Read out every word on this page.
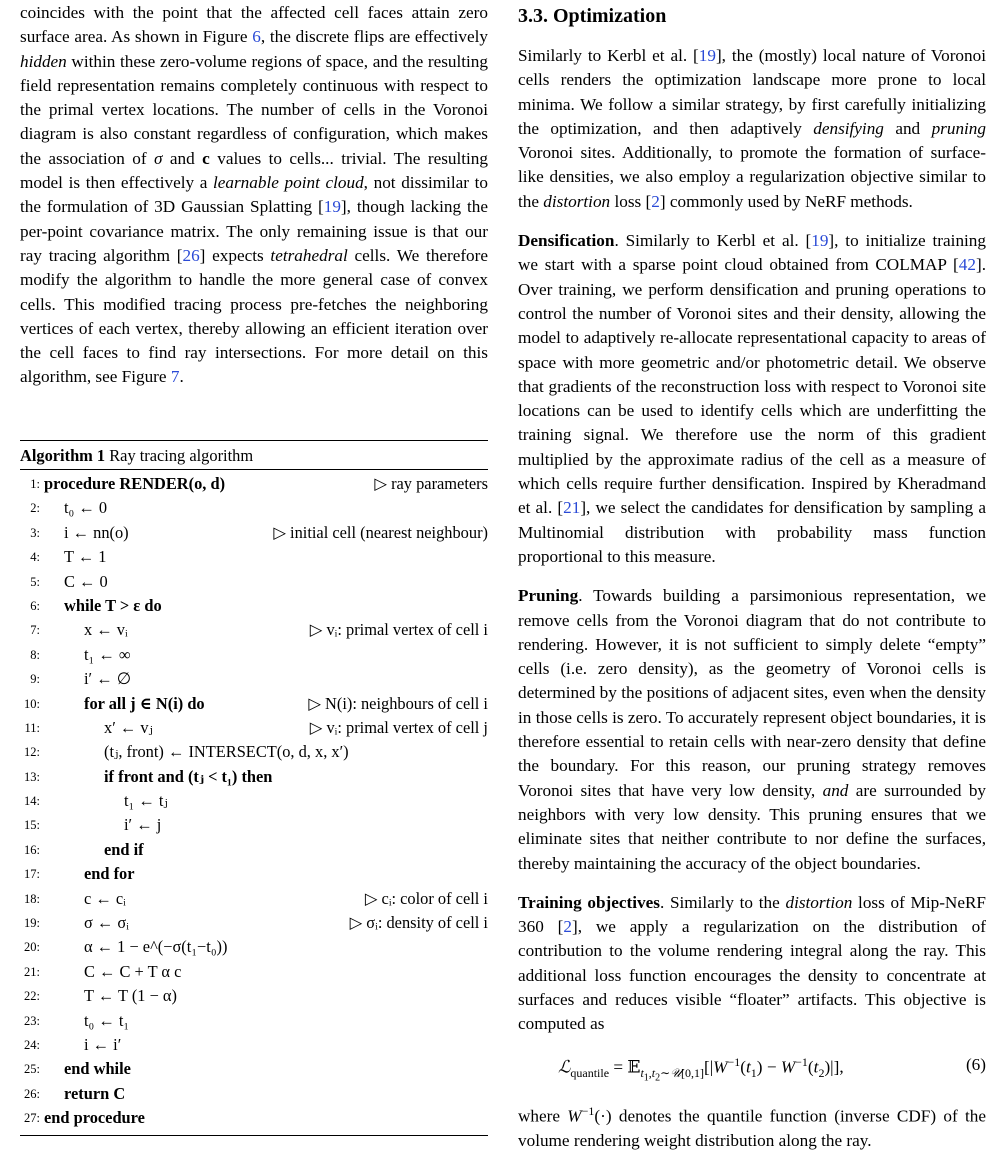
coincides with the point that the affected cell faces attain zero surface area. As shown in Figure 6, the discrete flips are effectively hidden within these zero-volume regions of space, and the resulting field representation remains completely continuous with respect to the primal vertex locations. The number of cells in the Voronoi diagram is also constant regardless of configuration, which makes the association of σ and c values to cells... trivial. The resulting model is then effectively a learnable point cloud, not dissimilar to the formulation of 3D Gaussian Splatting [19], though lacking the per-point covariance matrix. The only remaining issue is that our ray tracing algorithm [26] expects tetrahedral cells. We therefore modify the algorithm to handle the more general case of convex cells. This modified tracing process pre-fetches the neighboring vertices of each vertex, thereby allowing an efficient iteration over the cell faces to find ray intersections. For more detail on this algorithm, see Figure 7.

Algorithm 1 Ray tracing algorithm
1: procedure RENDER(o, d)	▷ ray parameters
2: t₀ ← 0
3: i ← nn(o)	▷ initial cell (nearest neighbour)
4: T ← 1
5: C ← 0
6: while T > ε do
7:	x ← vᵢ	▷ vᵢ: primal vertex of cell i
8:	t₁ ← ∞
9:	i′ ← ∅
10:	for all j ∈ N(i) do	▷ N(i): neighbours of cell i
11:	x′ ← vⱼ	▷ vᵢ: primal vertex of cell j
12:	(tⱼ, front) ← INTERSECT(o, d, x, x′)
13:	if front and (tⱼ < t₁) then
14:	t₁ ← tⱼ
15:	i′ ← j
16:	end if
17:	end for
18:	c ← cᵢ	▷ cᵢ: color of cell i
19:	σ ← σᵢ	▷ σᵢ: density of cell i
20:	α ← 1 − e^(−σ(t₁−t₀))
21:	C ← C + T α c
22:	T ← T (1 − α)
23:	t₀ ← t₁
24:	i ← i′
25: end while
26: return C
27: end procedure
3.3. Optimization

Similarly to Kerbl et al. [19], the (mostly) local nature of Voronoi cells renders the optimization landscape more prone to local minima. We follow a similar strategy, by first carefully initializing the optimization, and then adaptively densifying and pruning Voronoi sites. Additionally, to promote the formation of surface-like densities, we also employ a regularization objective similar to the distortion loss [2] commonly used by NeRF methods.

Densification. Similarly to Kerbl et al. [19], to initialize training we start with a sparse point cloud obtained from COLMAP [42]. Over training, we perform densification and pruning operations to control the number of Voronoi sites and their density, allowing the model to adaptively re-allocate representational capacity to areas of space with more geometric and/or photometric detail. We observe that gradients of the reconstruction loss with respect to Voronoi site locations can be used to identify cells which are underfitting the training signal. We therefore use the norm of this gradient multiplied by the approximate radius of the cell as a measure of which cells require further densification. Inspired by Kheradmand et al. [21], we select the candidates for densification by sampling a Multinomial distribution with probability mass function proportional to this measure.

Pruning. Towards building a parsimonious representation, we remove cells from the Voronoi diagram that do not contribute to rendering. However, it is not sufficient to simply delete “empty” cells (i.e. zero density), as the geometry of Voronoi cells is determined by the positions of adjacent sites, even when the density in those cells is zero. To accurately represent object boundaries, it is therefore essential to retain cells with near-zero density that define the boundary. For this reason, our pruning strategy removes Voronoi sites that have very low density, and are surrounded by neighbors with very low density. This pruning ensures that we eliminate sites that neither contribute to nor define the surfaces, thereby maintaining the accuracy of the object boundaries.

Training objectives. Similarly to the distortion loss of Mip-NeRF 360 [2], we apply a regularization on the distribution of contribution to the volume rendering integral along the ray. This additional loss function encourages the density to concentrate at surfaces and reduces visible “floater” artifacts. This objective is computed as

ℒ$_{quantile}$ = $𝔼_{t_1,t_2\sim 𝒰[0,1]}[|W^{-1}(t_1) - W^{-1}(t_2)|]$,	(6)

where $W^{-1}(\cdot)$ denotes the quantile function (inverse CDF) of the volume rendering weight distribution along the ray.
